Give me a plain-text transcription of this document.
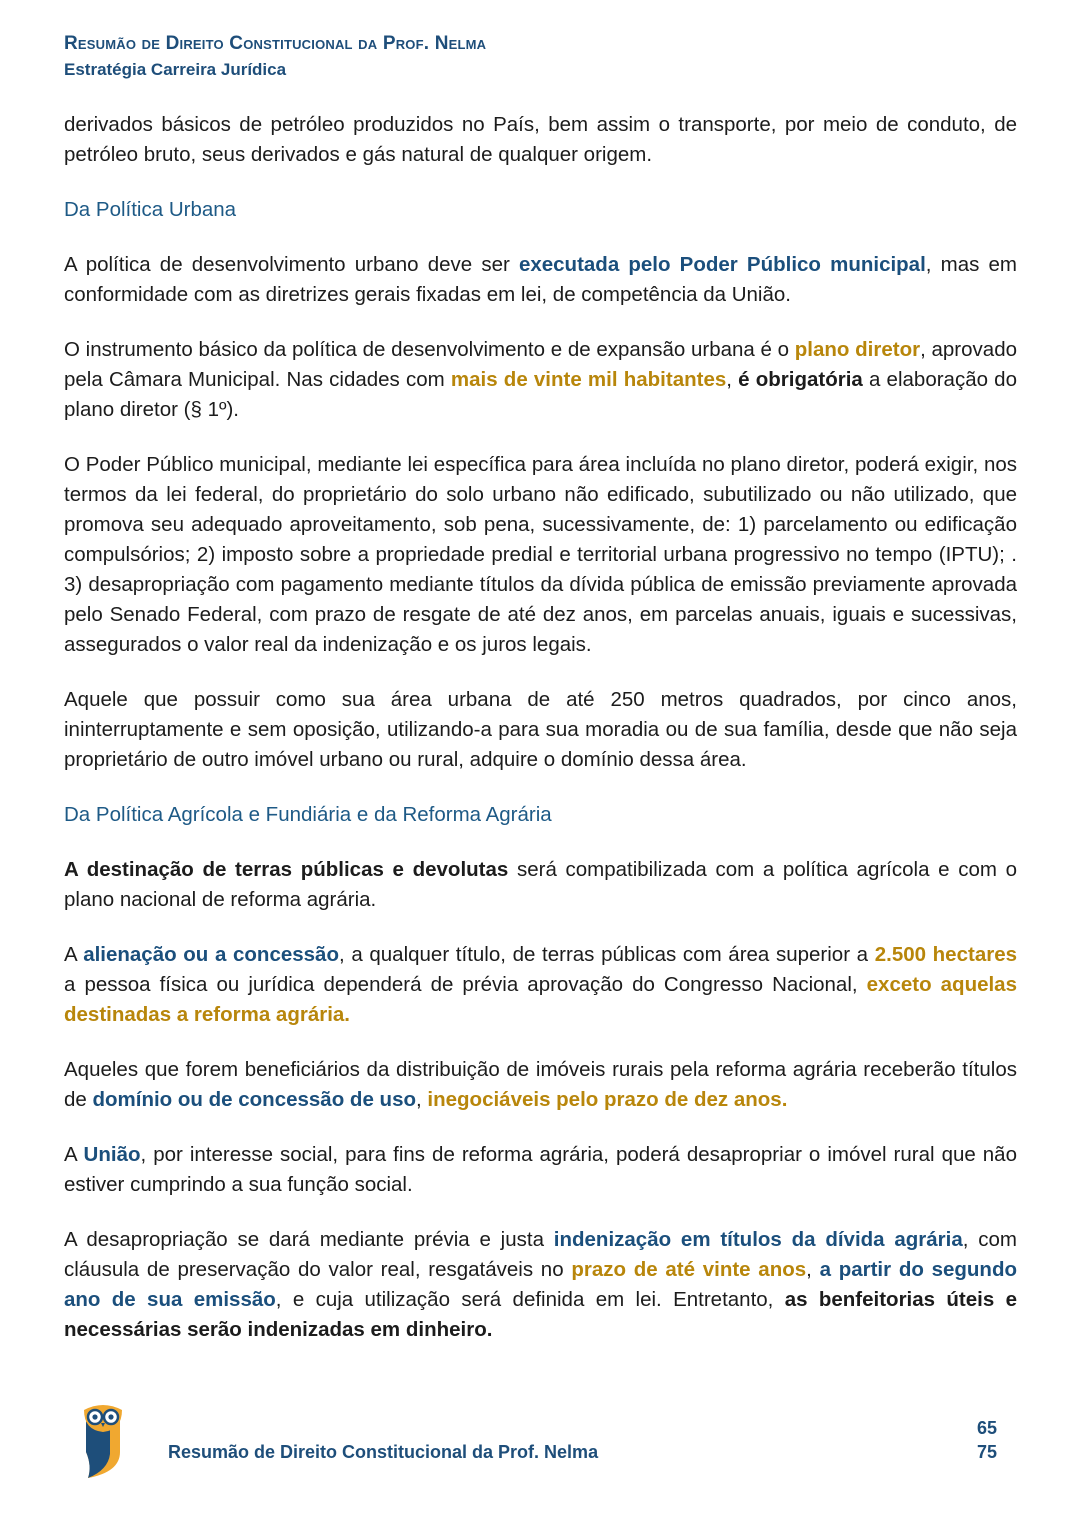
Resumão de Direito Constitucional da Prof. Nelma
Estratégia Carreira Jurídica

derivados básicos de petróleo produzidos no País, bem assim o transporte, por meio de conduto, de petróleo bruto, seus derivados e gás natural de qualquer origem.

Da Política Urbana

A política de desenvolvimento urbano deve ser executada pelo Poder Público municipal, mas em conformidade com as diretrizes gerais fixadas em lei, de competência da União.

O instrumento básico da política de desenvolvimento e de expansão urbana é o plano diretor, aprovado pela Câmara Municipal. Nas cidades com mais de vinte mil habitantes, é obrigatória a elaboração do plano diretor (§ 1º).

O Poder Público municipal, mediante lei específica para área incluída no plano diretor, poderá exigir, nos termos da lei federal, do proprietário do solo urbano não edificado, subutilizado ou não utilizado, que promova seu adequado aproveitamento, sob pena, sucessivamente, de: 1) parcelamento ou edificação compulsórios; 2) imposto sobre a propriedade predial e territorial urbana progressivo no tempo (IPTU); . 3) desapropriação com pagamento mediante títulos da dívida pública de emissão previamente aprovada pelo Senado Federal, com prazo de resgate de até dez anos, em parcelas anuais, iguais e sucessivas, assegurados o valor real da indenização e os juros legais.

Aquele que possuir como sua área urbana de até 250 metros quadrados, por cinco anos, ininterruptamente e sem oposição, utilizando-a para sua moradia ou de sua família, desde que não seja proprietário de outro imóvel urbano ou rural, adquire o domínio dessa área.

Da Política Agrícola e Fundiária e da Reforma Agrária

A destinação de terras públicas e devolutas será compatibilizada com a política agrícola e com o plano nacional de reforma agrária.

A alienação ou a concessão, a qualquer título, de terras públicas com área superior a 2.500 hectares a pessoa física ou jurídica dependerá de prévia aprovação do Congresso Nacional, exceto aquelas destinadas a reforma agrária.

Aqueles que forem beneficiários da distribuição de imóveis rurais pela reforma agrária receberão títulos de domínio ou de concessão de uso, inegociáveis pelo prazo de dez anos.

A União, por interesse social, para fins de reforma agrária, poderá desapropriar o imóvel rural que não estiver cumprindo a sua função social.

A desapropriação se dará mediante prévia e justa indenização em títulos da dívida agrária, com cláusula de preservação do valor real, resgatáveis no prazo de até vinte anos, a partir do segundo ano de sua emissão, e cuja utilização será definida em lei. Entretanto, as benfeitorias úteis e necessárias serão indenizadas em dinheiro.

Resumão de Direito Constitucional da Prof. Nelma
65
75
